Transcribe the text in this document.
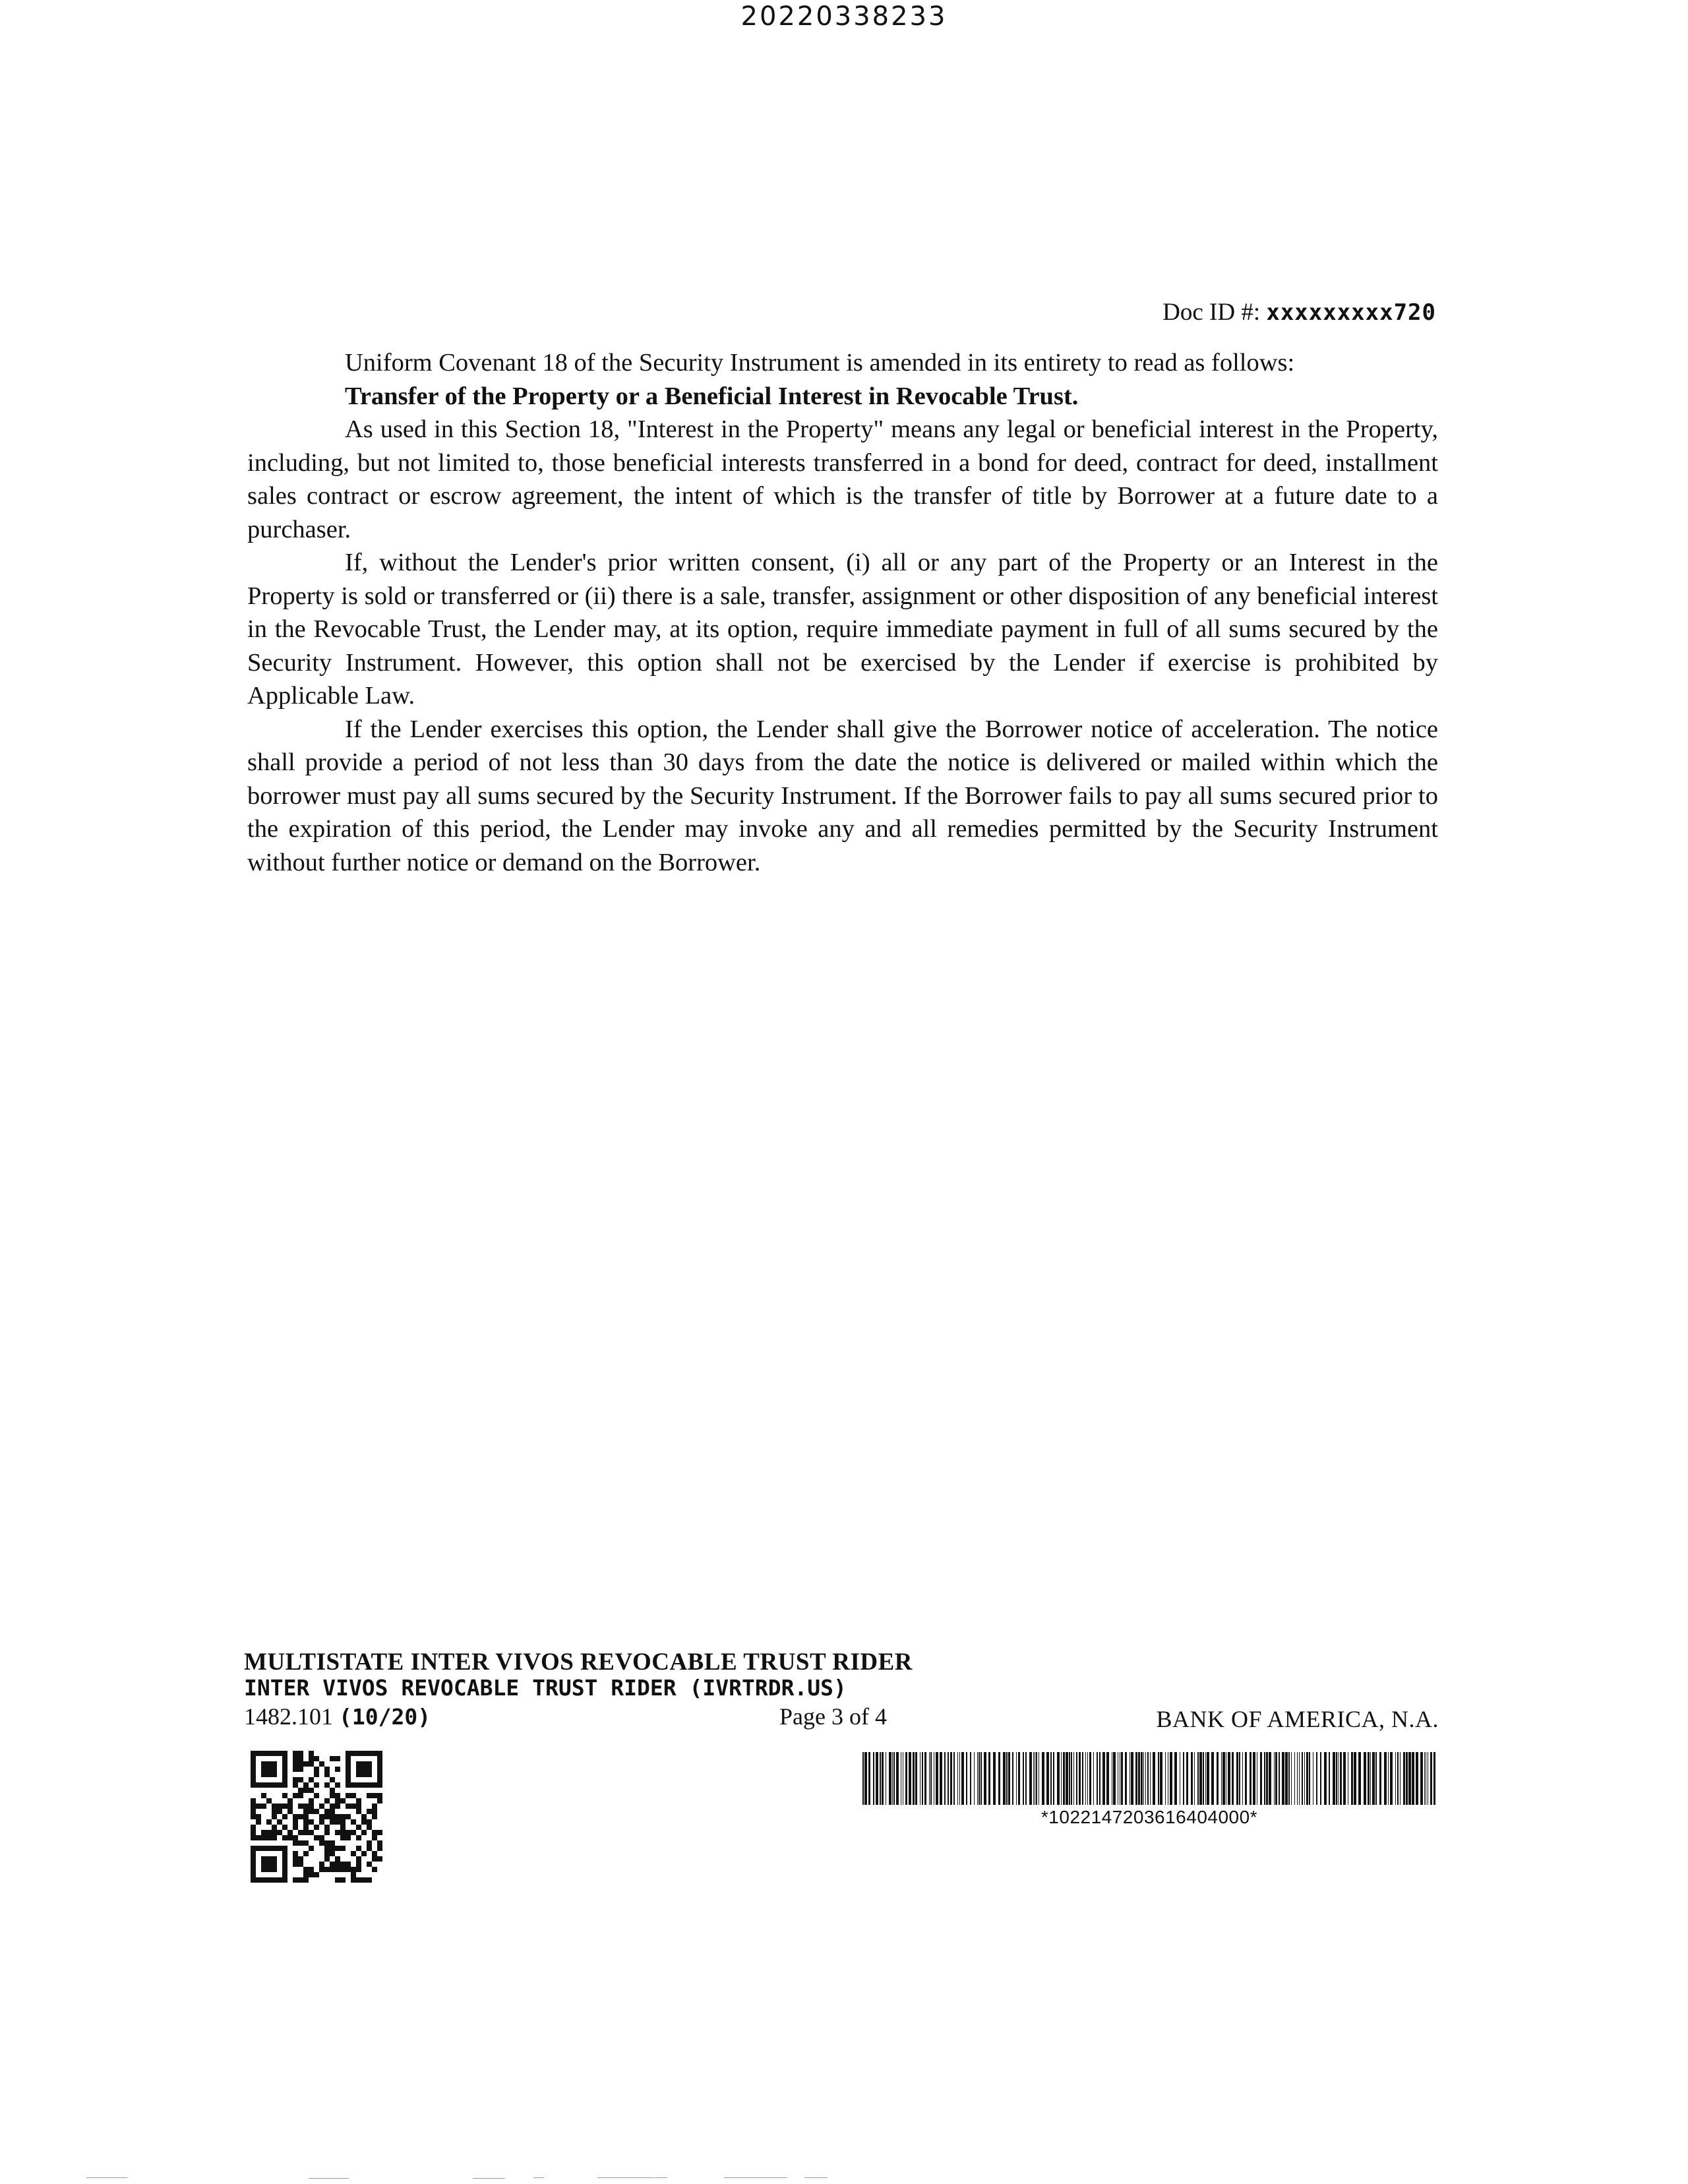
20220338233
Doc ID #: xxxxxxxxx720

Uniform Covenant 18 of the Security Instrument is amended in its entirety to read as follows:

Transfer of the Property or a Beneficial Interest in Revocable Trust.

As used in this Section 18, "Interest in the Property" means any legal or beneficial interest in the Property, including, but not limited to, those beneficial interests transferred in a bond for deed, contract for deed, installment sales contract or escrow agreement, the intent of which is the transfer of title by Borrower at a future date to a purchaser.

If, without the Lender's prior written consent, (i) all or any part of the Property or an Interest in the Property is sold or transferred or (ii) there is a sale, transfer, assignment or other disposition of any beneficial interest in the Revocable Trust, the Lender may, at its option, require immediate payment in full of all sums secured by the Security Instrument. However, this option shall not be exercised by the Lender if exercise is prohibited by Applicable Law.

If the Lender exercises this option, the Lender shall give the Borrower notice of acceleration. The notice shall provide a period of not less than 30 days from the date the notice is delivered or mailed within which the borrower must pay all sums secured by the Security Instrument. If the Borrower fails to pay all sums secured prior to the expiration of this period, the Lender may invoke any and all remedies permitted by the Security Instrument without further notice or demand on the Borrower.

MULTISTATE INTER VIVOS REVOCABLE TRUST RIDER
INTER VIVOS REVOCABLE TRUST RIDER (IVRTRDR.US)
1482.101 (10/20)	Page 3 of 4	BANK OF AMERICA, N.A.
*1022147203616404000*
